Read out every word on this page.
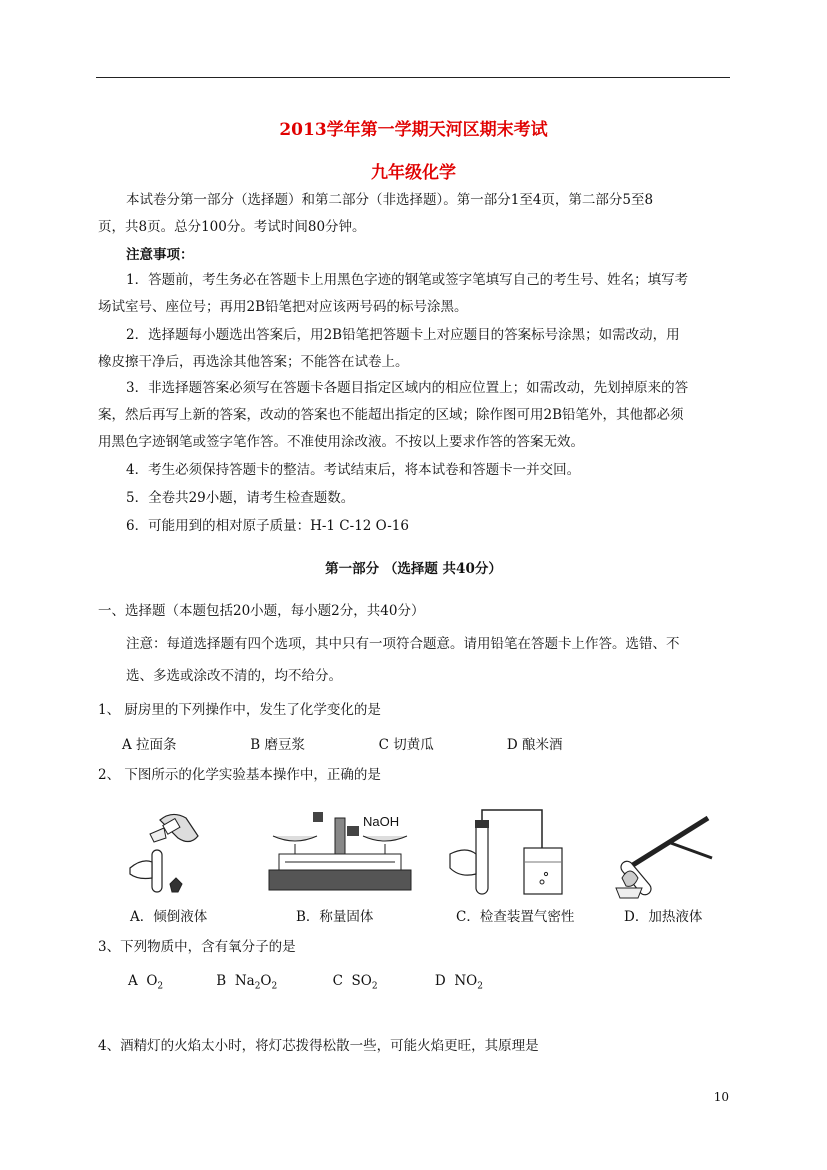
2013学年第一学期天河区期末考试
九年级化学
本试卷分第一部分（选择题）和第二部分（非选择题）。第一部分1至4页，第二部分5至8
页，共8页。总分100分。考试时间80分钟。
注意事项：
1．答题前，考生务必在答题卡上用黑色字迹的钢笔或签字笔填写自己的考生号、姓名；填写考
场试室号、座位号；再用2B铅笔把对应该两号码的标号涂黑。
2．选择题每小题选出答案后，用2B铅笔把答题卡上对应题目的答案标号涂黑；如需改动，用
橡皮擦干净后，再选涂其他答案；不能答在试卷上。
3．非选择题答案必须写在答题卡各题目指定区域内的相应位置上；如需改动，先划掉原来的答
案，然后再写上新的答案，改动的答案也不能超出指定的区域；除作图可用2B铅笔外，其他都必须
用黑色字迹钢笔或签字笔作答。不准使用涂改液。不按以上要求作答的答案无效。
4．考生必须保持答题卡的整洁。考试结束后，将本试卷和答题卡一并交回。
5．全卷共29小题，请考生检查题数。
6．可能用到的相对原子质量：H-1 C-12 O-16
第一部分 （选择题 共40分）
一、选择题（本题包括20小题，每小题2分，共40分）
注意：每道选择题有四个选项，其中只有一项符合题意。请用铅笔在答题卡上作答。选错、不
选、多选或涂改不清的，均不给分。
1、 厨房里的下列操作中，发生了化学变化的是
A 拉面条	B 磨豆浆	C 切黄瓜	D 酿米酒
2、 下图所示的化学实验基本操作中，正确的是
NaOH
A．倾倒液体	B．称量固体	C．检查装置气密性	D．加热液体
3、下列物质中，含有氧分子的是
A $O_2$	B $Na_2O_2$	C $SO_2$	D $NO_2$
4、酒精灯的火焰太小时，将灯芯拨得松散一些，可能火焰更旺，其原理是
10
